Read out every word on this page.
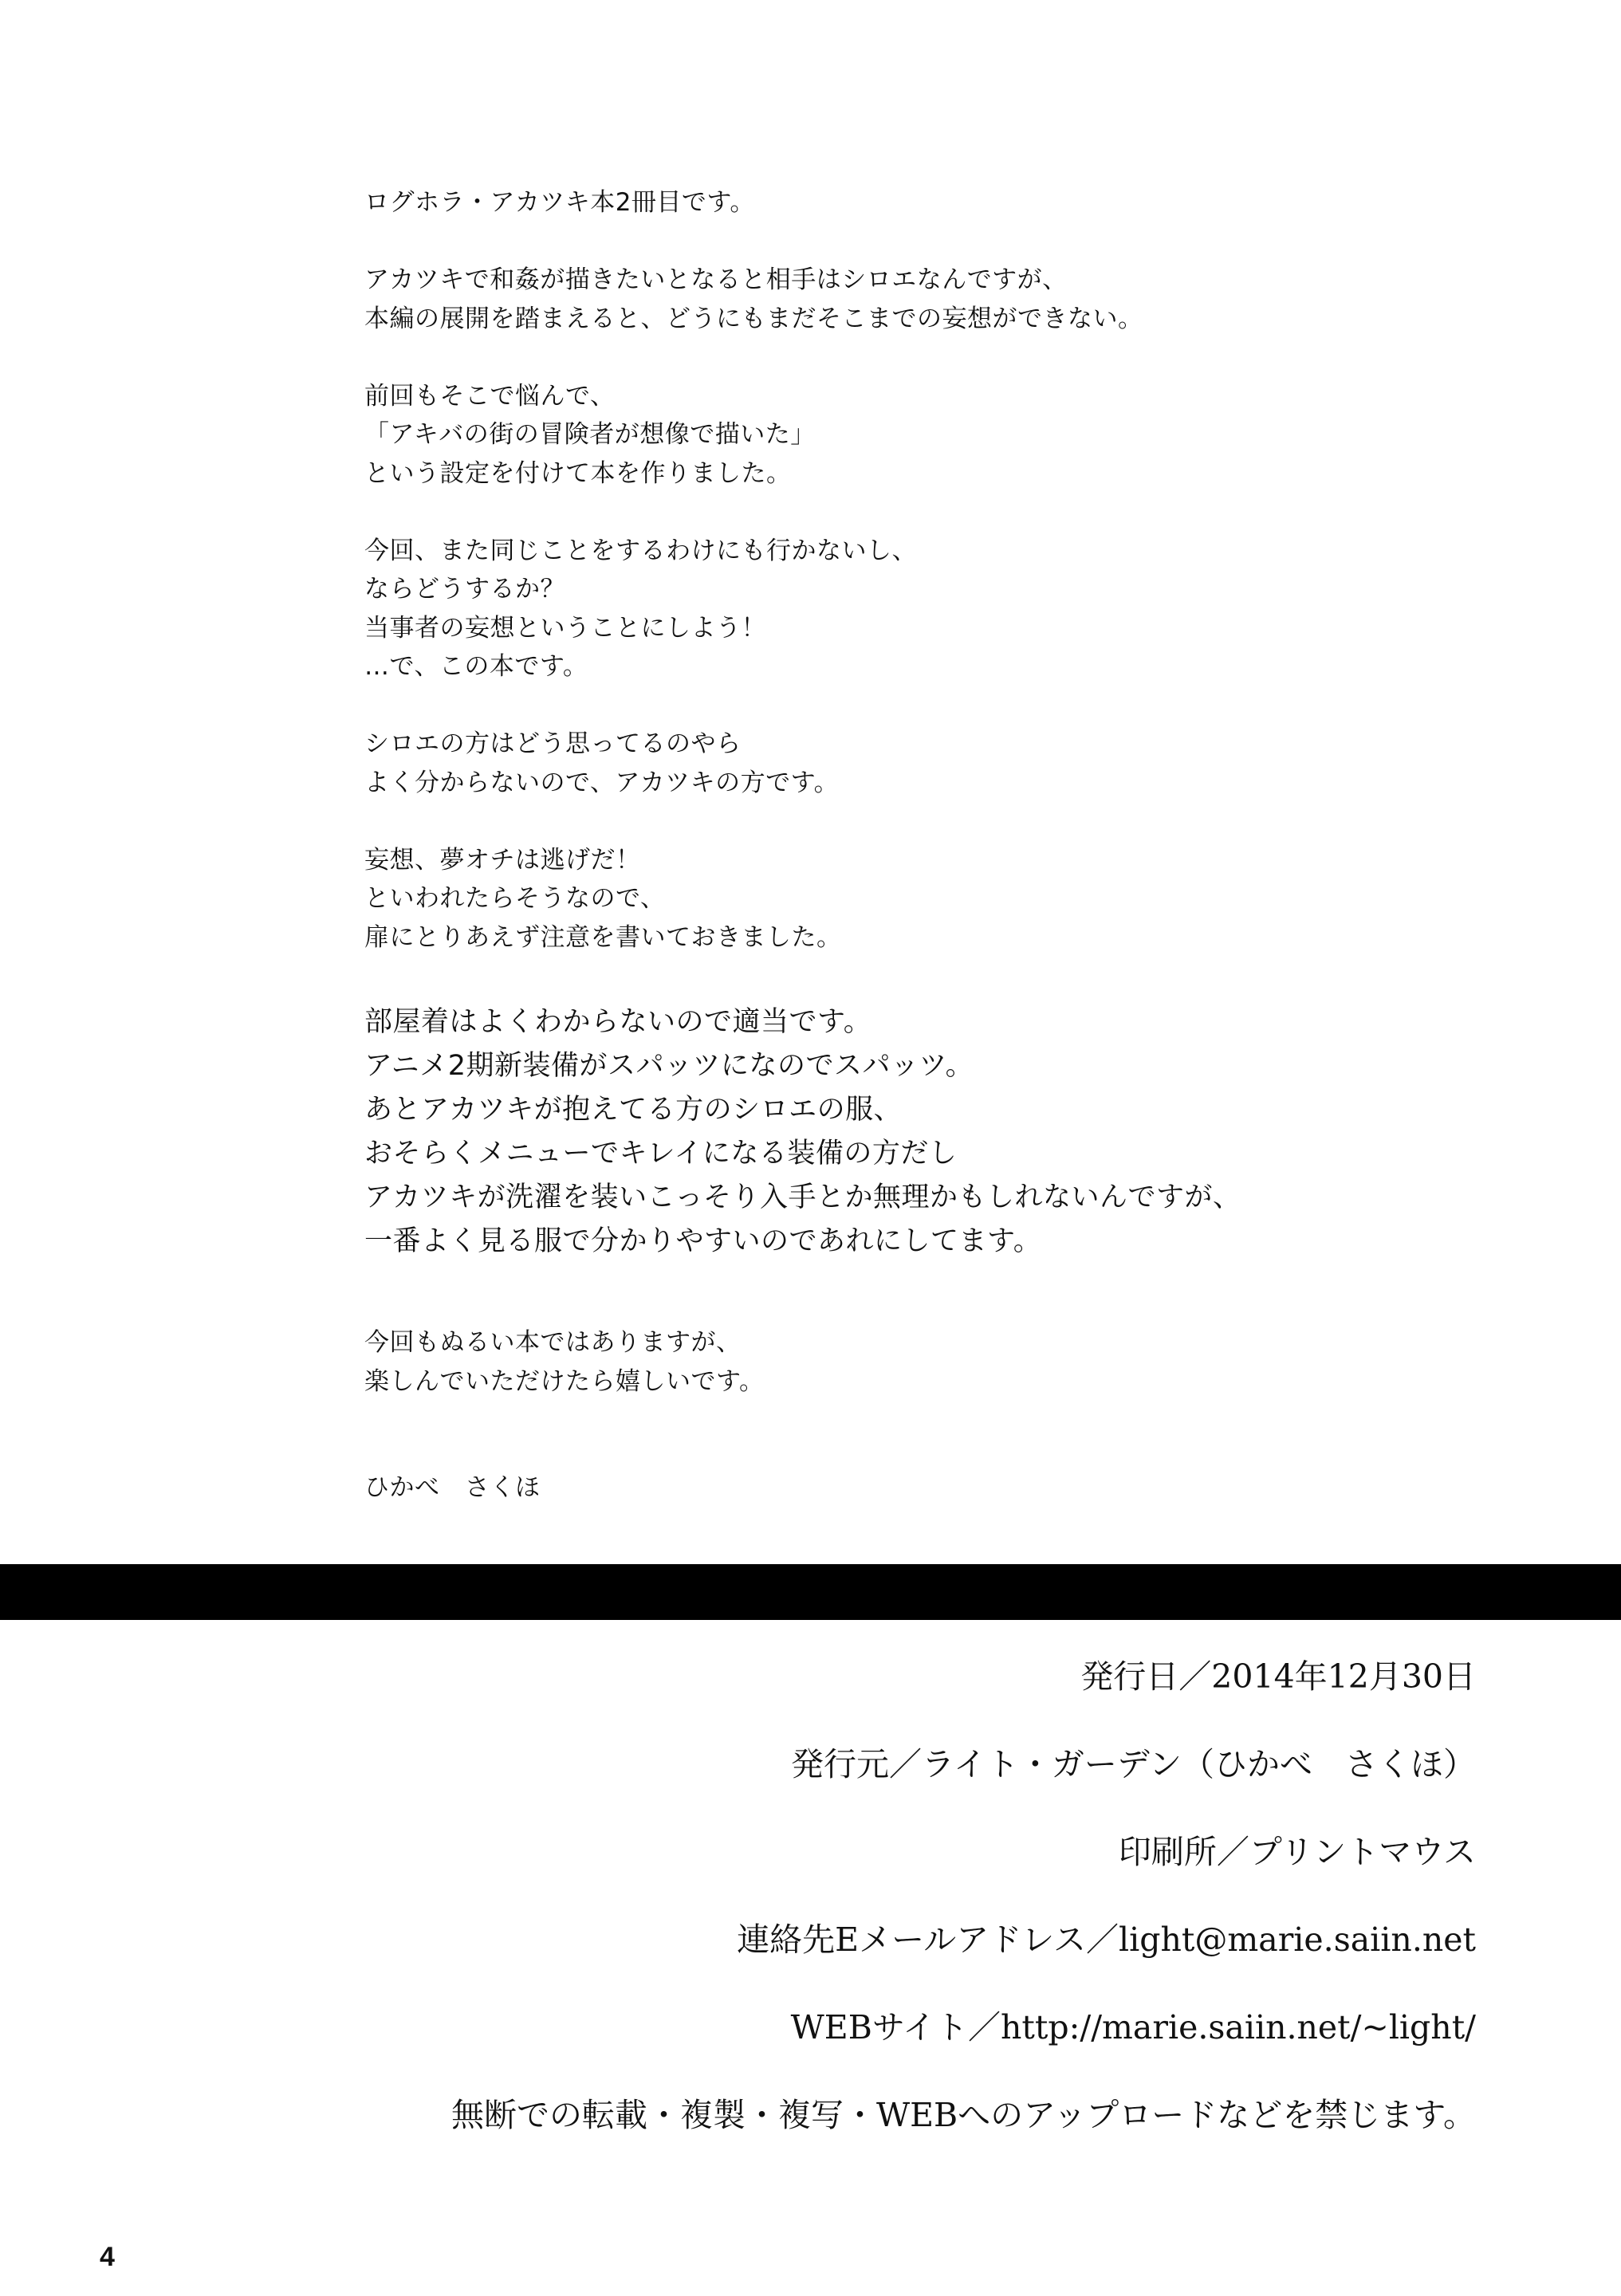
ログホラ・アカツキ本2冊目です。
アカツキで和姦が描きたいとなると相手はシロエなんですが、
本編の展開を踏まえると、どうにもまだそこまでの妄想ができない。
前回もそこで悩んで、
「アキバの街の冒険者が想像で描いた」
という設定を付けて本を作りました。
今回、また同じことをするわけにも行かないし、
ならどうするか？
当事者の妄想ということにしよう！
…で、この本です。
シロエの方はどう思ってるのやら
よく分からないので、アカツキの方です。
妄想、夢オチは逃げだ！
といわれたらそうなので、
扉にとりあえず注意を書いておきました。
部屋着はよくわからないので適当です。
アニメ2期新装備がスパッツになのでスパッツ。
あとアカツキが抱えてる方のシロエの服、
おそらくメニューでキレイになる装備の方だし
アカツキが洗濯を装いこっそり入手とか無理かもしれないんですが、
一番よく見る服で分かりやすいのであれにしてます。
今回もぬるい本ではありますが、
楽しんでいただけたら嬉しいです。
ひかべ　さくほ
発行日／2014年12月30日
発行元／ライト・ガーデン（ひかべ　さくほ）
印刷所／プリントマウス
連絡先Eメールアドレス／light@marie.saiin.net
WEBサイト／http://marie.saiin.net/~light/
無断での転載・複製・複写・WEBへのアップロードなどを禁じます。
4
